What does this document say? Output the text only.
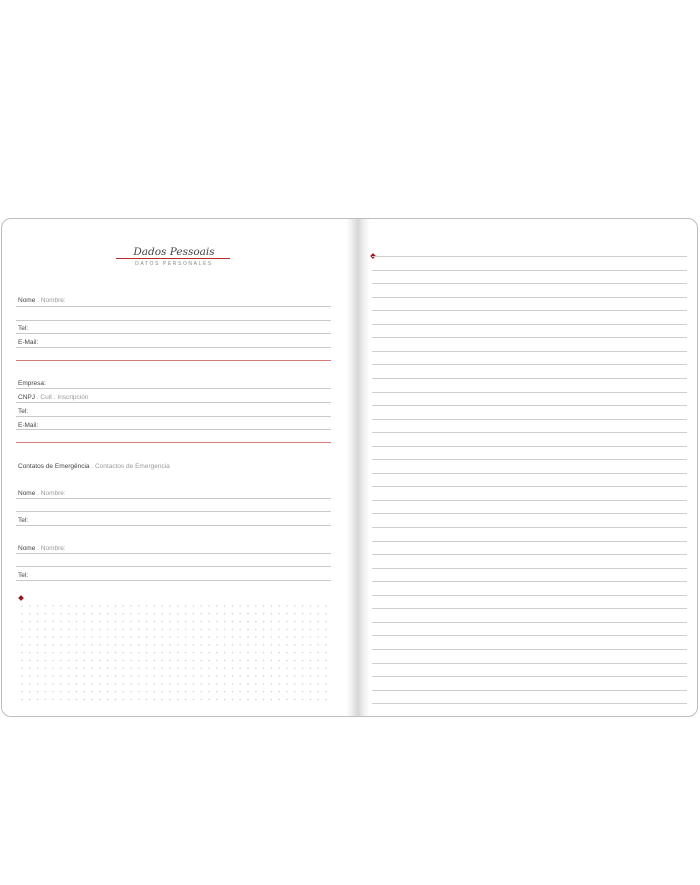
Dados Pessoais
DATOS PERSONALES
Nome . Nombre:
Tel:
E-Mail:
Empresa:
CNPJ . Cuit . Inscripción
Tel:
E-Mail:
Contatos de Emergência . Contactos de Emergencia
Nome . Nombre:
Tel:
Nome . Nombre:
Tel:
